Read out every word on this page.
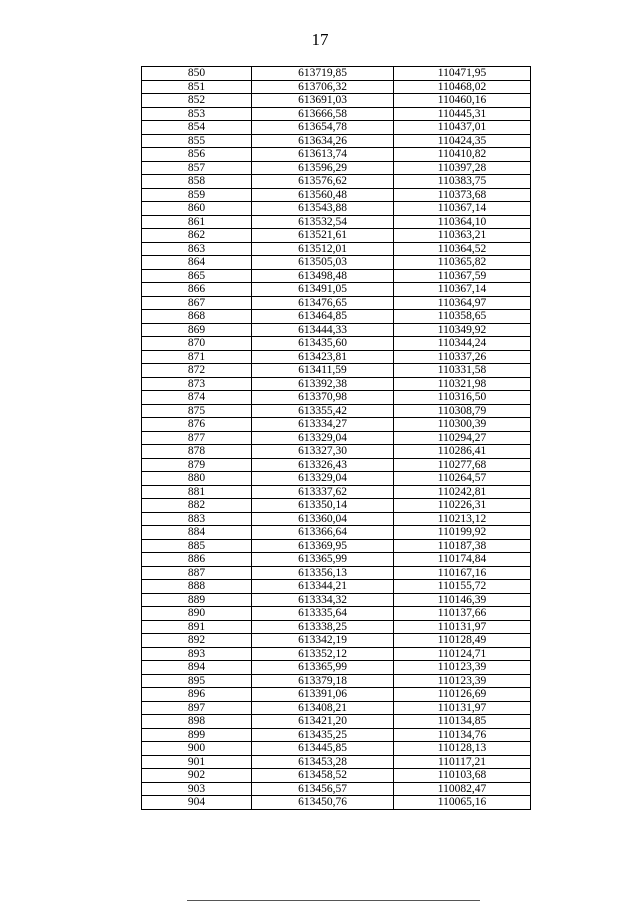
17
850	613719,85	110471,95
851	613706,32	110468,02
852	613691,03	110460,16
853	613666,58	110445,31
854	613654,78	110437,01
855	613634,26	110424,35
856	613613,74	110410,82
857	613596,29	110397,28
858	613576,62	110383,75
859	613560,48	110373,68
860	613543,88	110367,14
861	613532,54	110364,10
862	613521,61	110363,21
863	613512,01	110364,52
864	613505,03	110365,82
865	613498,48	110367,59
866	613491,05	110367,14
867	613476,65	110364,97
868	613464,85	110358,65
869	613444,33	110349,92
870	613435,60	110344,24
871	613423,81	110337,26
872	613411,59	110331,58
873	613392,38	110321,98
874	613370,98	110316,50
875	613355,42	110308,79
876	613334,27	110300,39
877	613329,04	110294,27
878	613327,30	110286,41
879	613326,43	110277,68
880	613329,04	110264,57
881	613337,62	110242,81
882	613350,14	110226,31
883	613360,04	110213,12
884	613366,64	110199,92
885	613369,95	110187,38
886	613365,99	110174,84
887	613356,13	110167,16
888	613344,21	110155,72
889	613334,32	110146,39
890	613335,64	110137,66
891	613338,25	110131,97
892	613342,19	110128,49
893	613352,12	110124,71
894	613365,99	110123,39
895	613379,18	110123,39
896	613391,06	110126,69
897	613408,21	110131,97
898	613421,20	110134,85
899	613435,25	110134,76
900	613445,85	110128,13
901	613453,28	110117,21
902	613458,52	110103,68
903	613456,57	110082,47
904	613450,76	110065,16
